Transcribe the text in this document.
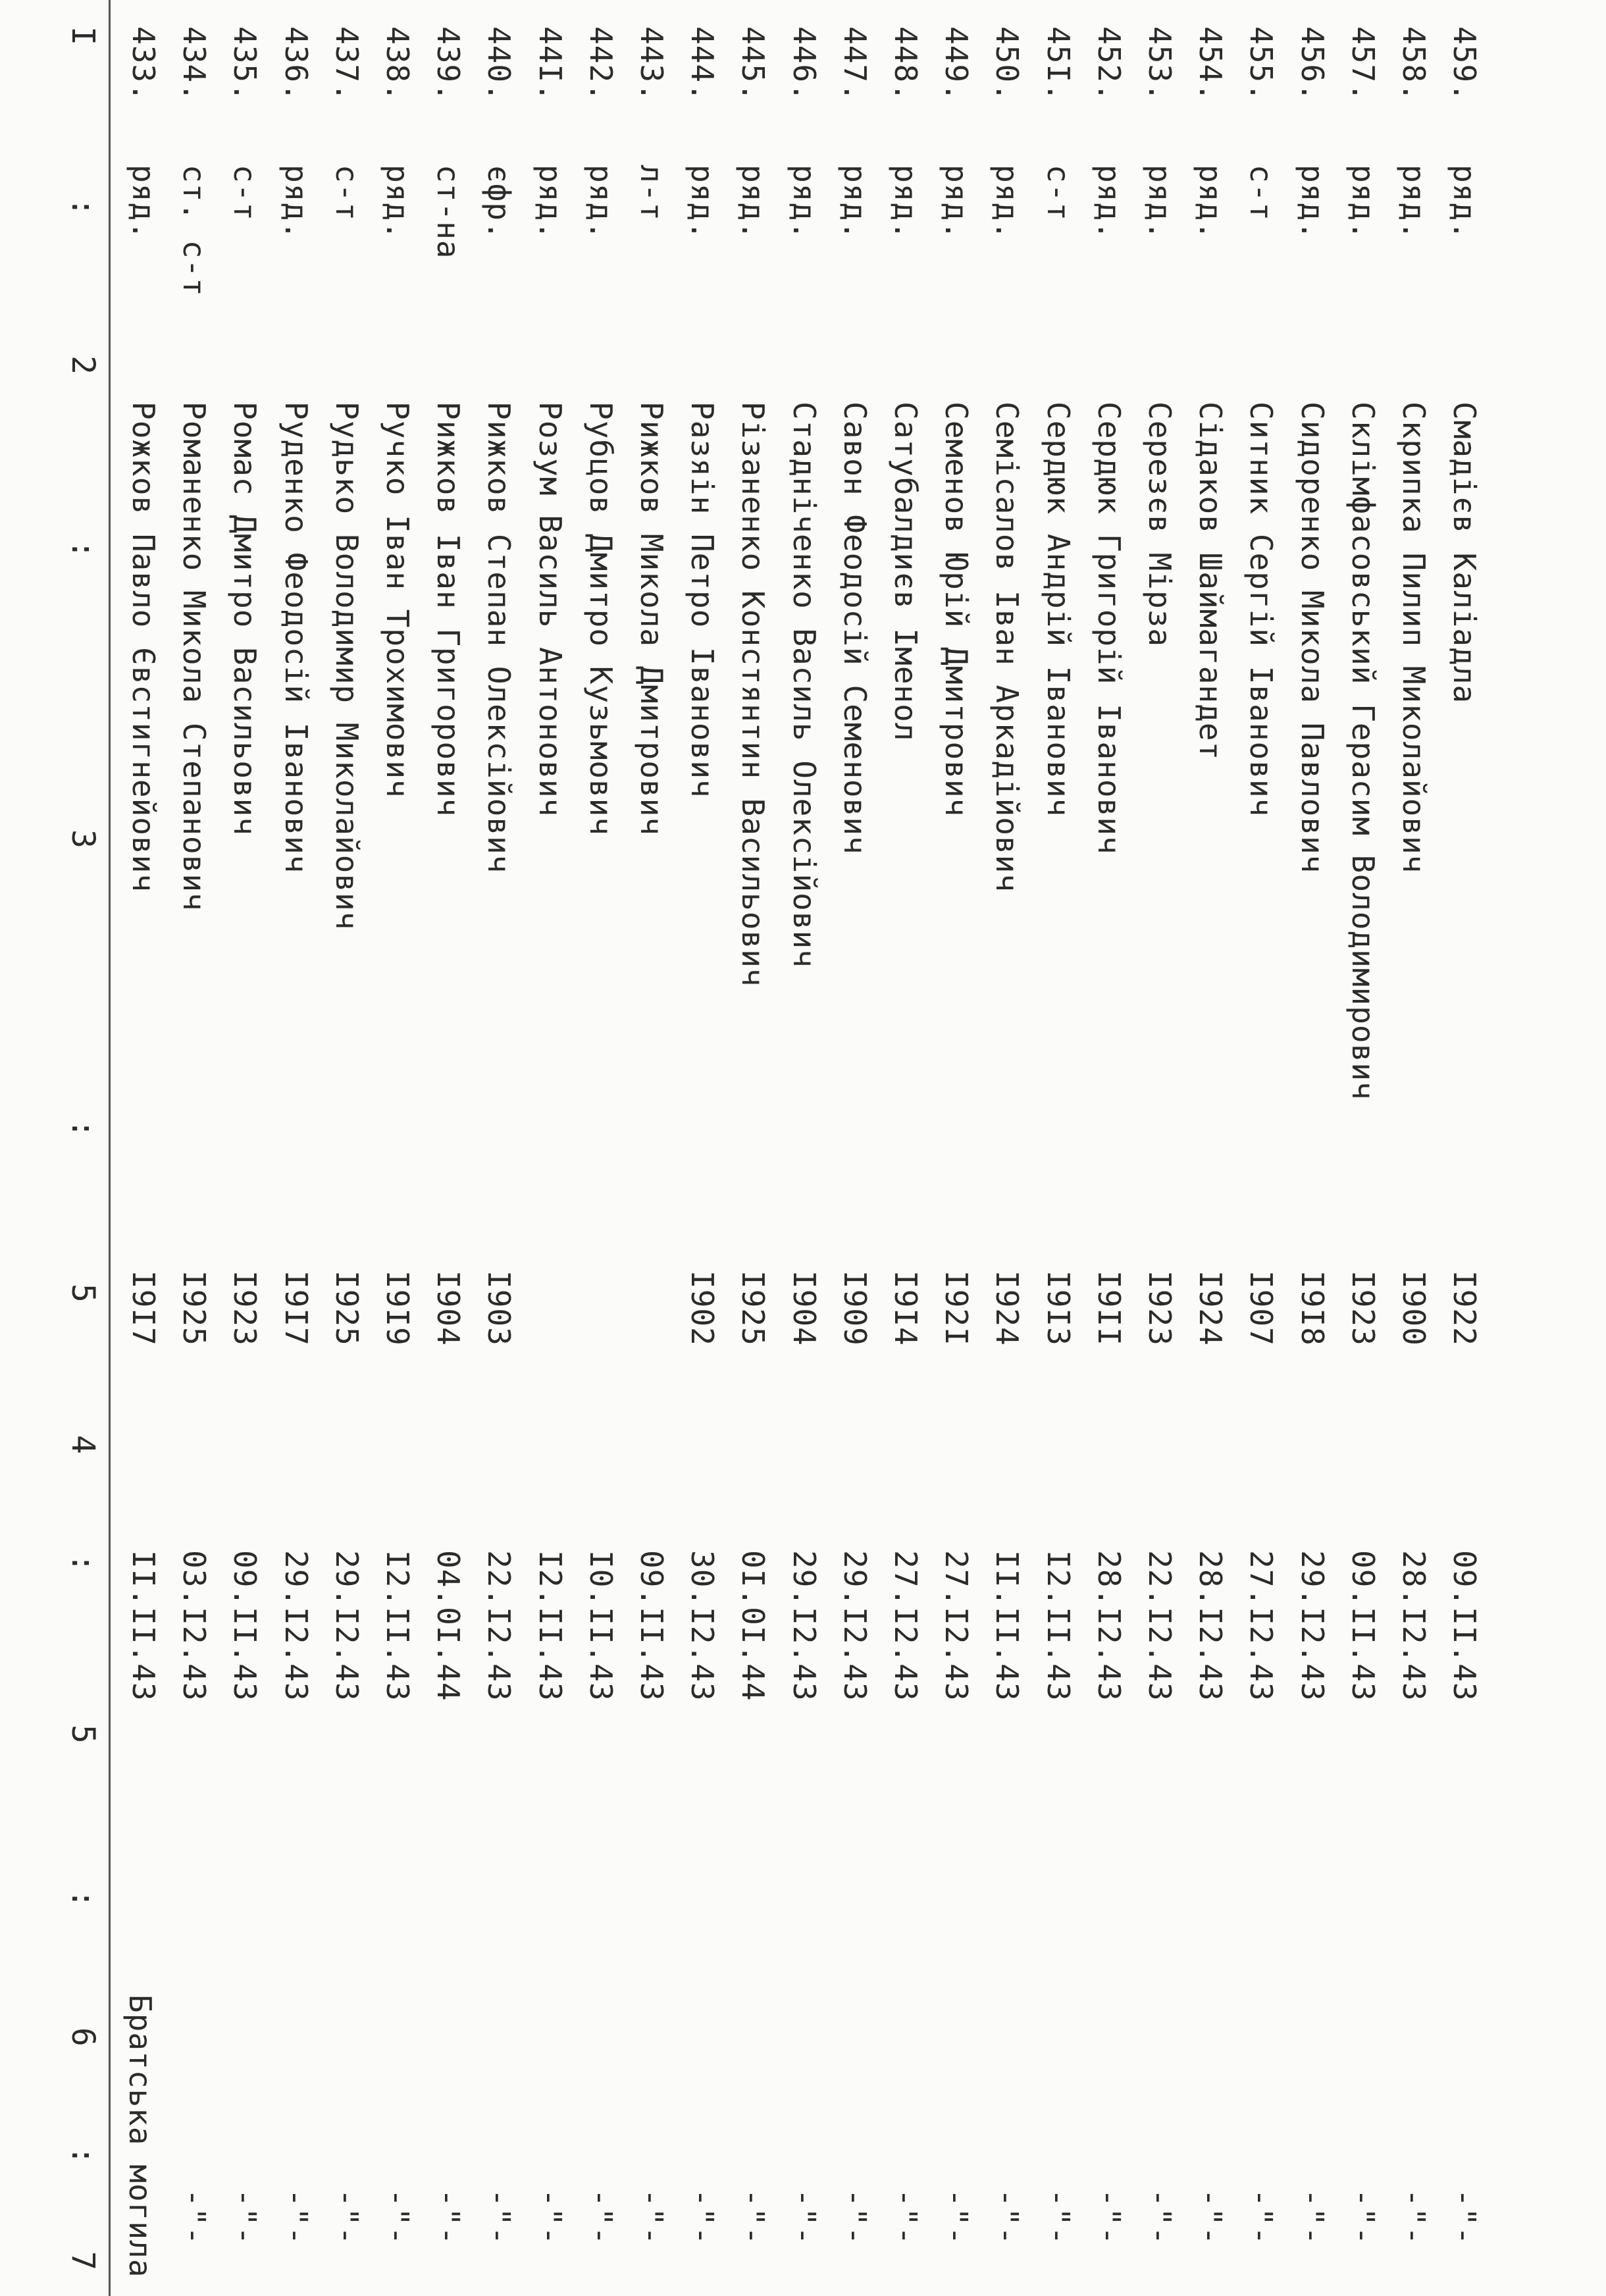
I
:
2
:
3
:
5
4
:
5
:
6
:
7 Братська могила
433.
ряд.
Рожков Павло Євстигнейович
I9I7
II.II.43
434.
ст. с-т
Романенко Микола Степанович
I925
03.I2.43
-"-
435.
с-т
Ромас Дмитро Васильович
I923
09.II.43
-"-
436.
ряд.
Руденко Феодосій Іванович
I9I7
29.I2.43
-"-
437.
с-т
Рудько Володимир Миколайович
I925
29.I2.43
-"-
438.
ряд.
Ручко Іван Трохимович
I9I9
I2.II.43
-"-
439.
ст-на
Рижков Іван Григорович
I904
04.0I.44
-"-
440.
єфр.
Рижков Степан Олексійович
I903
22.I2.43
-"-
44I.
ряд.
Розум Василь Антонович
I2.II.43
-"-
442.
ряд.
Рубцов Дмитро Кузьмович
I0.II.43
-"-
443.
л-т
Рижков Микола Дмитрович
09.II.43
-"-
444.
ряд.
Разяін Петро Іванович
I902
30.I2.43
-"-
445.
ряд.
Різаненко Констянтин Васильович
I925
0I.0I.44
-"-
446.
ряд.
Стадніченко Василь Олексійович
I904
29.I2.43
-"-
447.
ряд.
Савон Феодосій Семенович
I909
29.I2.43
-"-
448.
ряд.
Сатубалдиєв Іменол
I9I4
27.I2.43
-"-
449.
ряд.
Семенов Юрій Дмитрович
I92I
27.I2.43
-"-
450.
ряд.
Семісалов Іван Аркадійович
I924
II.II.43
-"-
45I.
с-т
Сердюк Андрій Іванович
I9I3
I2.II.43
-"-
452.
ряд.
Сердюк Григорій Іванович
I9II
28.I2.43
-"-
453.
ряд.
Серезєв Мірза
I923
22.I2.43
-"-
454.
ряд.
Сідаков Шаймагандет
I924
28.I2.43
-"-
455.
с-т
Ситник Сергій Іванович
I907
27.I2.43
-"-
456.
ряд.
Сидоренко Микола Павлович
I9I8
29.I2.43
-"-
457.
ряд.
Склімфасовський Герасим Володимирович
I923
09.II.43
-"-
458.
ряд.
Скрипка Пилип Миколайович
I900
28.I2.43
-"-
459.
ряд.
Смадієв Каліадла
I922
09.II.43
-"-
